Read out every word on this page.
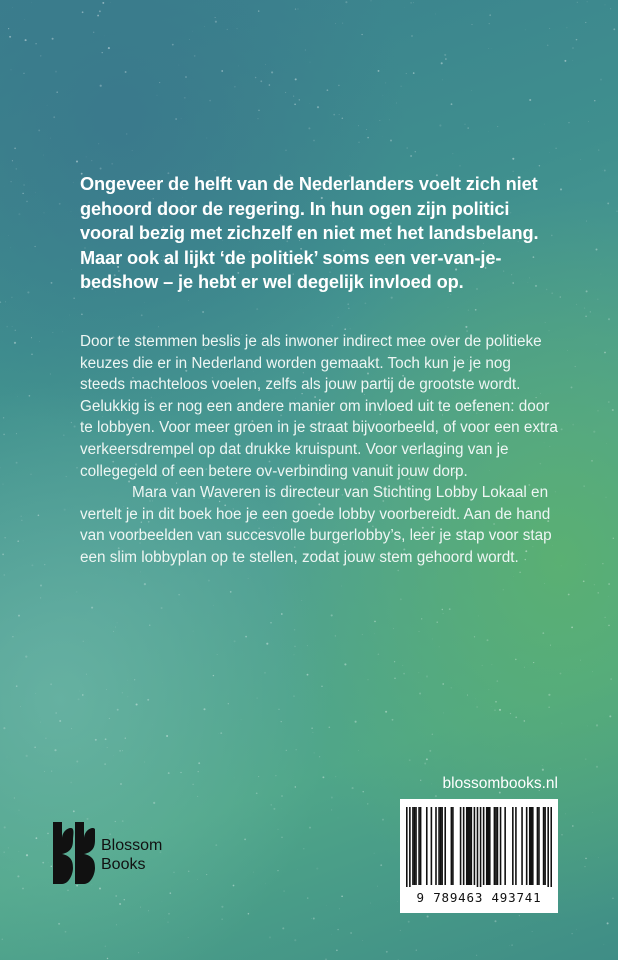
Ongeveer de helft van de Nederlanders voelt zich niet gehoord door de regering. In hun ogen zijn politici vooral bezig met zichzelf en niet met het landsbelang. Maar ook al lijkt ‘de politiek’ soms een ver-van-je-bedshow – je hebt er wel degelijk invloed op.

Door te stemmen beslis je als inwoner indirect mee over de politieke keuzes die er in Nederland worden gemaakt. Toch kun je je nog steeds machteloos voelen, zelfs als jouw partij de grootste wordt. Gelukkig is er nog een andere manier om invloed uit te oefenen: door te lobbyen. Voor meer groen in je straat bijvoorbeeld, of voor een extra verkeersdrempel op dat drukke kruispunt. Voor verlaging van je collegegeld of een betere ov-verbinding vanuit jouw dorp.

Mara van Waveren is directeur van Stichting Lobby Lokaal en vertelt je in dit boek hoe je een goede lobby voorbereidt. Aan de hand van voorbeelden van succesvolle burgerlobby’s, leer je stap voor stap een slim lobbyplan op te stellen, zodat jouw stem gehoord wordt.

blossombooks.nl
Blossom
Books
9 789463 493741
